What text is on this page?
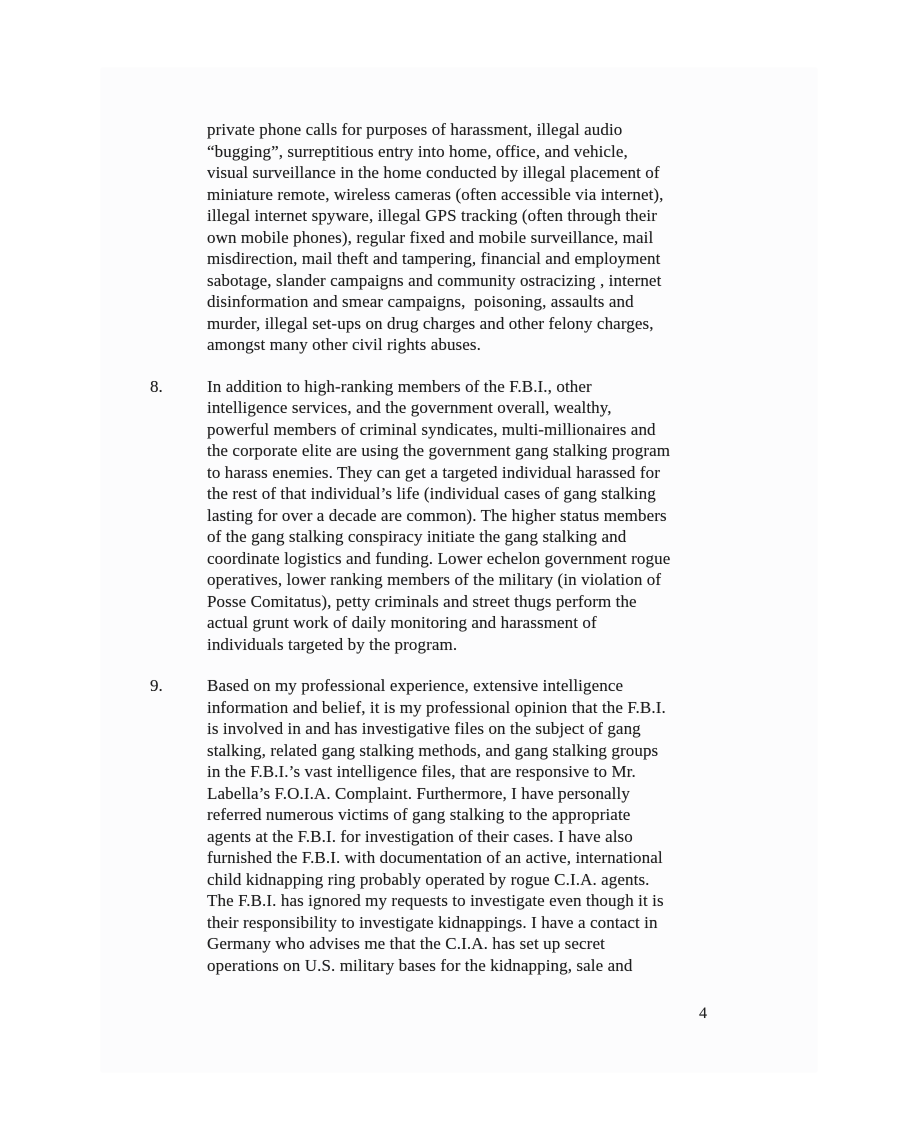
private phone calls for purposes of harassment, illegal audio
“bugging”, surreptitious entry into home, office, and vehicle,
visual surveillance in the home conducted by illegal placement of
miniature remote, wireless cameras (often accessible via internet),
illegal internet spyware, illegal GPS tracking (often through their
own mobile phones), regular fixed and mobile surveillance, mail
misdirection, mail theft and tampering, financial and employment
sabotage, slander campaigns and community ostracizing , internet
disinformation and smear campaigns,  poisoning, assaults and
murder, illegal set-ups on drug charges and other felony charges,
amongst many other civil rights abuses.
8.	In addition to high-ranking members of the F.B.I., other
intelligence services, and the government overall, wealthy,
powerful members of criminal syndicates, multi-millionaires and
the corporate elite are using the government gang stalking program
to harass enemies. They can get a targeted individual harassed for
the rest of that individual’s life (individual cases of gang stalking
lasting for over a decade are common). The higher status members
of the gang stalking conspiracy initiate the gang stalking and
coordinate logistics and funding. Lower echelon government rogue
operatives, lower ranking members of the military (in violation of
Posse Comitatus), petty criminals and street thugs perform the
actual grunt work of daily monitoring and harassment of
individuals targeted by the program.
9.	Based on my professional experience, extensive intelligence
information and belief, it is my professional opinion that the F.B.I.
is involved in and has investigative files on the subject of gang
stalking, related gang stalking methods, and gang stalking groups
in the F.B.I.’s vast intelligence files, that are responsive to Mr.
Labella’s F.O.I.A. Complaint. Furthermore, I have personally
referred numerous victims of gang stalking to the appropriate
agents at the F.B.I. for investigation of their cases. I have also
furnished the F.B.I. with documentation of an active, international
child kidnapping ring probably operated by rogue C.I.A. agents.
The F.B.I. has ignored my requests to investigate even though it is
their responsibility to investigate kidnappings. I have a contact in
Germany who advises me that the C.I.A. has set up secret
operations on U.S. military bases for the kidnapping, sale and
4
